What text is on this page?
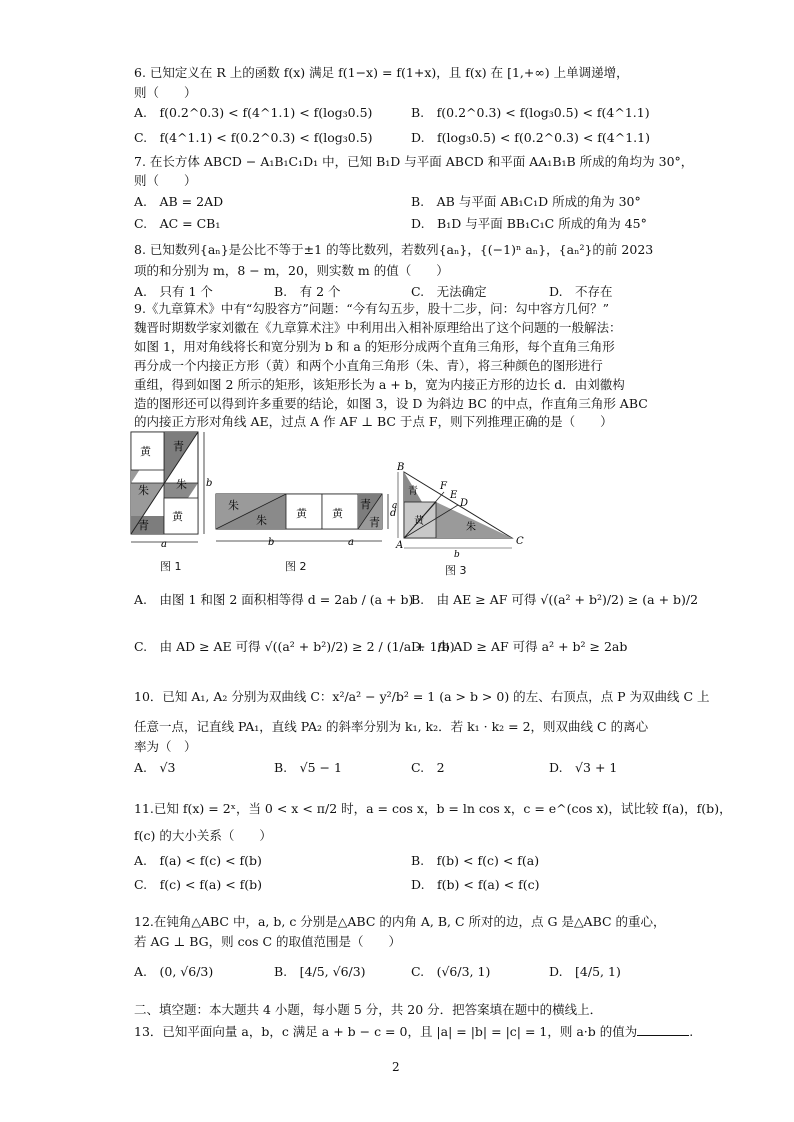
6. 已知定义在 R 上的函数 f(x) 满足 f(1−x) = f(1+x)，且 f(x) 在 [1,+∞) 上单调递增，
则（　　）
A.　f(0.2^0.3) < f(4^1.1) < f(log₃0.5)	B.　f(0.2^0.3) < f(log₃0.5) < f(4^1.1)
C.　f(4^1.1) < f(0.2^0.3) < f(log₃0.5)	D.　f(log₃0.5) < f(0.2^0.3) < f(4^1.1)
7. 在长方体 ABCD − A₁B₁C₁D₁ 中，已知 B₁D 与平面 ABCD 和平面 AA₁B₁B 所成的角均为 30°，
则（　　）
A.　AB = 2AD	B.　AB 与平面 AB₁C₁D 所成的角为 30°
C.　AC = CB₁	D.　B₁D 与平面 BB₁C₁C 所成的角为 45°
8. 已知数列{aₙ}是公比不等于±1 的等比数列，若数列{aₙ}，{(−1)ⁿ aₙ}，{aₙ²}的前 2023
项的和分别为 m，8 − m，20，则实数 m 的值（　　）
A.　只有 1 个	B.　有 2 个	C.　无法确定	D.　不存在
9.《九章算术》中有“勾股容方”问题：“今有勾五步，股十二步，问：勾中容方几何？”
魏晋时期数学家刘徽在《九章算术注》中利用出入相补原理给出了这个问题的一般解法：
如图 1，用对角线将长和宽分别为 b 和 a 的矩形分成两个直角三角形，每个直角三角形
再分成一个内接正方形（黄）和两个小直角三角形（朱、青），将三种颜色的图形进行
重组，得到如图 2 所示的矩形，该矩形长为 a + b，宽为内接正方形的边长 d．由刘徽构
造的图形还可以得到许多重要的结论，如图 3，设 D 为斜边 BC 的中点，作直角三角形 ABC
的内接正方形对角线 AE，过点 A 作 AF ⊥ BC 于点 F，则下列推理正确的是（　　）
黄 青
朱 朱
青
黄
b
a
图 1
朱
朱
黄 黄
青
青
d
b	a
图 2
B
F
E
D
A	C
青
黄
朱
a
b
图 3
A.　由图 1 和图 2 面积相等得 d = 2ab / (a + b)
B.　由 AE ≥ AF 可得 √((a² + b²)/2) ≥ (a + b)/2
C.　由 AD ≥ AE 可得 √((a² + b²)/2) ≥ 2 / (1/a + 1/b)
D.　由 AD ≥ AF 可得 a² + b² ≥ 2ab
10．已知 A₁, A₂ 分别为双曲线 C：x²/a² − y²/b² = 1 (a > b > 0) 的左、右顶点，点 P 为双曲线 C 上
任意一点，记直线 PA₁，直线 PA₂ 的斜率分别为 k₁, k₂．若 k₁ · k₂ = 2，则双曲线 C 的离心
率为（　）
A.　√3	B.　√5 − 1	C.　2	D.　√3 + 1
11.已知 f(x) = 2ˣ，当 0 < x < π/2 时，a = cos x，b = ln cos x，c = e^(cos x)，试比较 f(a)，f(b)，
f(c) 的大小关系（　　）
A.　f(a) < f(c) < f(b)	B.　f(b) < f(c) < f(a)
C.　f(c) < f(a) < f(b)	D.　f(b) < f(a) < f(c)
12.在钝角△ABC 中，a, b, c 分别是△ABC 的内角 A, B, C 所对的边，点 G 是△ABC 的重心，
若 AG ⊥ BG，则 cos C 的取值范围是（　　）
A.　(0, √6/3)	B.　[4/5, √6/3)	C.　(√6/3, 1)	D.　[4/5, 1)
二、填空题：本大题共 4 小题，每小题 5 分，共 20 分．把答案填在题中的横线上．
13．已知平面向量 a，b，c 满足 a + b − c = 0，且 |a| = |b| = |c| = 1，则 a·b 的值为	.
2
